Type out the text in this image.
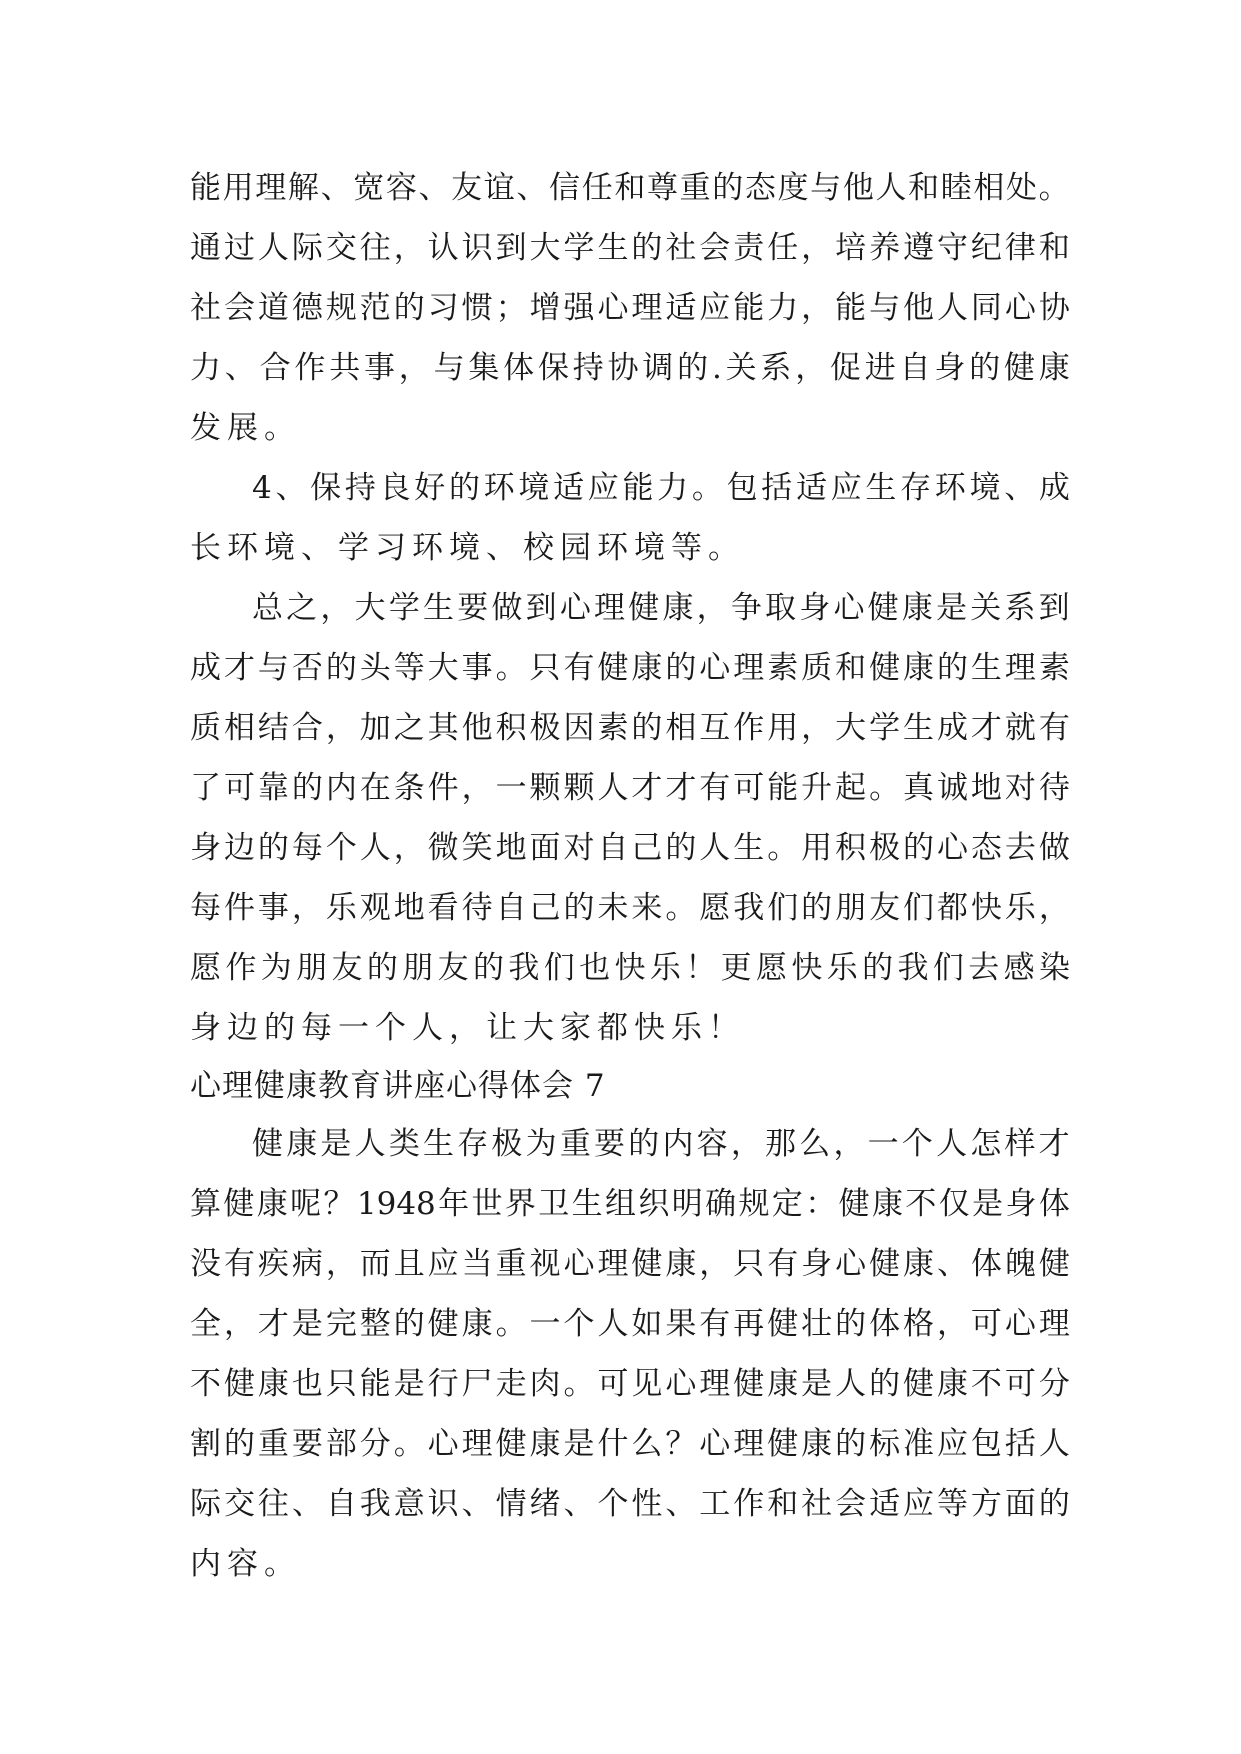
能 用 理 解 、 宽 容 、 友 谊 、 信 任 和 尊 重 的 态 度 与 他 人 和 睦 相 处 。
通 过 人 际 交 往 ， 认 识 到 大 学 生 的 社 会 责 任 ， 培 养 遵 守 纪 律 和
社 会 道 德 规 范 的 习 惯 ； 增 强 心 理 适 应 能 力 ， 能 与 他 人 同 心 协
力 、 合 作 共 事 ， 与 集 体 保 持 协 调 的 . 关 系 ， 促 进 自 身 的 健 康
发展。
4 、 保 持 良 好 的 环 境 适 应 能 力 。 包 括 适 应 生 存 环 境 、 成
长环境、学习环境、校园环境等。
总 之 ， 大 学 生 要 做 到 心 理 健 康 ， 争 取 身 心 健 康 是 关 系 到
成 才 与 否 的 头 等 大 事 。 只 有 健 康 的 心 理 素 质 和 健 康 的 生 理 素
质 相 结 合 ， 加 之 其 他 积 极 因 素 的 相 互 作 用 ， 大 学 生 成 才 就 有
了 可 靠 的 内 在 条 件 ， 一 颗 颗 人 才 才 有 可 能 升 起 。 真 诚 地 对 待
身 边 的 每 个 人 ， 微 笑 地 面 对 自 己 的 人 生 。 用 积 极 的 心 态 去 做
每 件 事 ， 乐 观 地 看 待 自 己 的 未 来 。 愿 我 们 的 朋 友 们 都 快 乐 ，
愿 作 为 朋 友 的 朋 友 的 我 们 也 快 乐 ！ 更 愿 快 乐 的 我 们 去 感 染
身边的每一个人，让大家都快乐！
心理健康教育讲座心得体会 7
健 康 是 人 类 生 存 极 为 重 要 的 内 容 ， 那 么 ， 一 个 人 怎 样 才
算 健 康 呢 ？ 1948 年 世 界 卫 生 组 织 明 确 规 定 ： 健 康 不 仅 是 身 体
没 有 疾 病 ， 而 且 应 当 重 视 心 理 健 康 ， 只 有 身 心 健 康 、 体 魄 健
全 ， 才 是 完 整 的 健 康 。 一 个 人 如 果 有 再 健 壮 的 体 格 ， 可 心 理
不 健 康 也 只 能 是 行 尸 走 肉 。 可 见 心 理 健 康 是 人 的 健 康 不 可 分
割 的 重 要 部 分 。 心 理 健 康 是 什 么 ？ 心 理 健 康 的 标 准 应 包 括 人
际 交 往 、 自 我 意 识 、 情 绪 、 个 性 、 工 作 和 社 会 适 应 等 方 面 的
内容。
